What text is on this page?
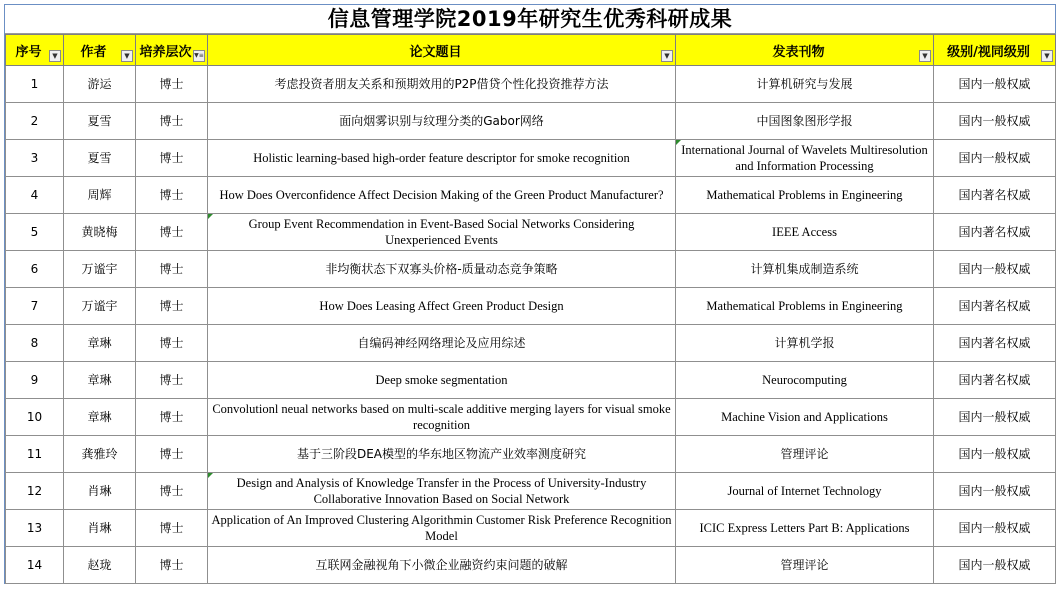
信息管理学院2019年研究生优秀科研成果
序号 ▼	作者 ▼	培养层次 ▼≡	论文题目 ▼	发表刊物 ▼	级别/视同级别 ▼

1	游运	博士	考虑投资者朋友关系和预期效用的P2P借贷个性化投资推荐方法	计算机研究与发展	国内一般权威
2	夏雪	博士	面向烟雾识别与纹理分类的Gabor网络	中国图象图形学报	国内一般权威
3	夏雪	博士	Holistic learning-based high-order feature descriptor for smoke recognition	International Journal of Wavelets Multiresolution and Information Processing	国内一般权威
4	周辉	博士	How Does Overconfidence Affect Decision Making of the Green Product Manufacturer?	Mathematical Problems in Engineering	国内著名权威
5	黄晓梅	博士	Group Event Recommendation in Event-Based Social Networks Considering Unexperienced Events	IEEE Access	国内著名权威
6	万谧宇	博士	非均衡状态下双寡头价格-质量动态竞争策略	计算机集成制造系统	国内一般权威
7	万谧宇	博士	How Does Leasing Affect Green Product Design	Mathematical Problems in Engineering	国内著名权威
8	章琳	博士	自编码神经网络理论及应用综述	计算机学报	国内著名权威
9	章琳	博士	Deep smoke segmentation	Neurocomputing	国内著名权威
10	章琳	博士	Convolutionl neual networks based on multi-scale additive merging layers for visual smoke recognition	Machine Vision and Applications	国内一般权威
11	龚雅玲	博士	基于三阶段DEA模型的华东地区物流产业效率测度研究	管理评论	国内一般权威
12	肖琳	博士	Design and Analysis of Knowledge Transfer in the Process of University-Industry Collaborative Innovation Based on Social Network	Journal of Internet Technology	国内一般权威
13	肖琳	博士	Application of An Improved Clustering Algorithmin Customer Risk Preference Recognition Model	ICIC Express Letters Part B: Applications	国内一般权威
14	赵珑	博士	互联网金融视角下小微企业融资约束问题的破解	管理评论	国内一般权威
